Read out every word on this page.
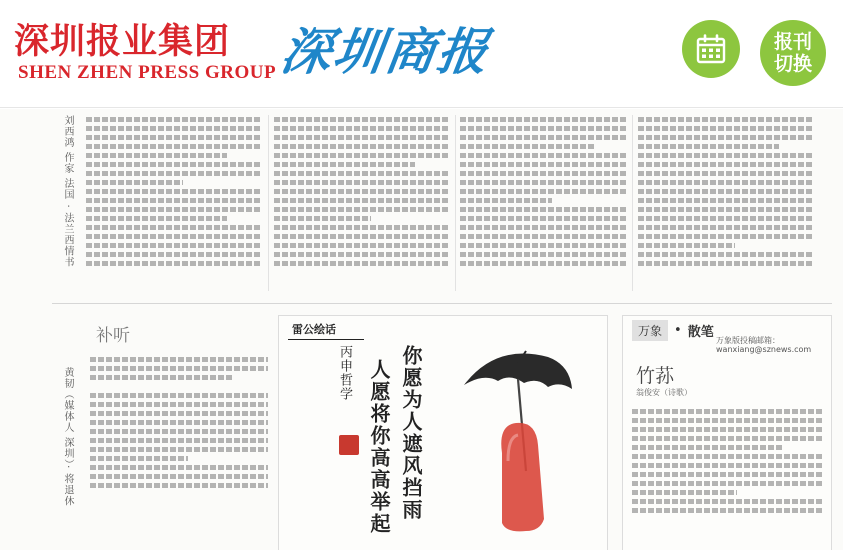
深圳报业集团
SHEN ZHEN PRESS GROUP 深圳商报	报刊
切换
刘西鸿 作家 法国 · 法兰西情书
黄韧（媒体人 深圳）· 将退休
补听	雷公绘话
你愿为人遮风挡雨
人愿将你高高举起
丙申哲学
万象 • 散笔
万象版投稿邮箱：
wanxiang@sznews.com
竹荪
翁俊安（诗歌）
